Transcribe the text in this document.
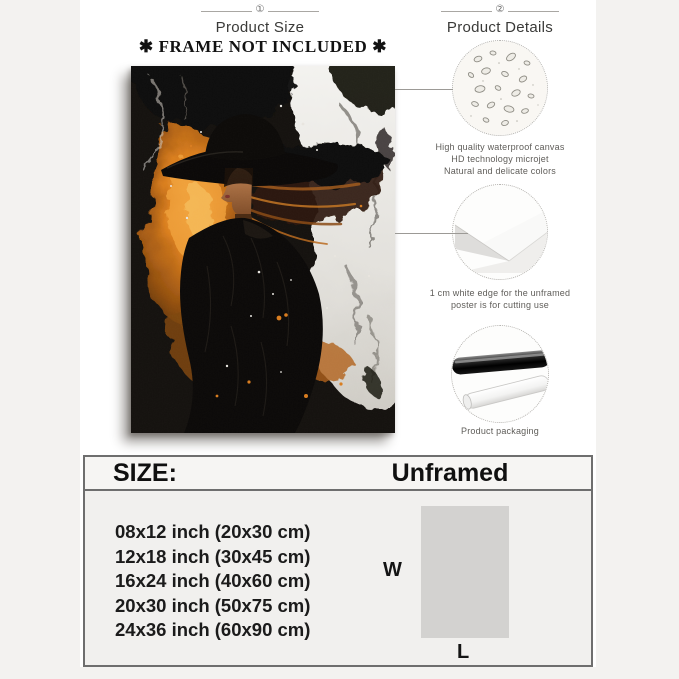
①
Product Size
✱ FRAME NOT INCLUDED ✱
②
Product Details
High quality waterproof canvas
HD technology microjet
Natural and delicate colors
1 cm white edge for the unframed
poster is for cutting use
Product packaging
SIZE:	Unframed
08x12 inch (20x30 cm)
12x18 inch (30x45 cm)
16x24 inch (40x60 cm)
20x30 inch (50x75 cm)
24x36 inch (60x90 cm)
W
L
